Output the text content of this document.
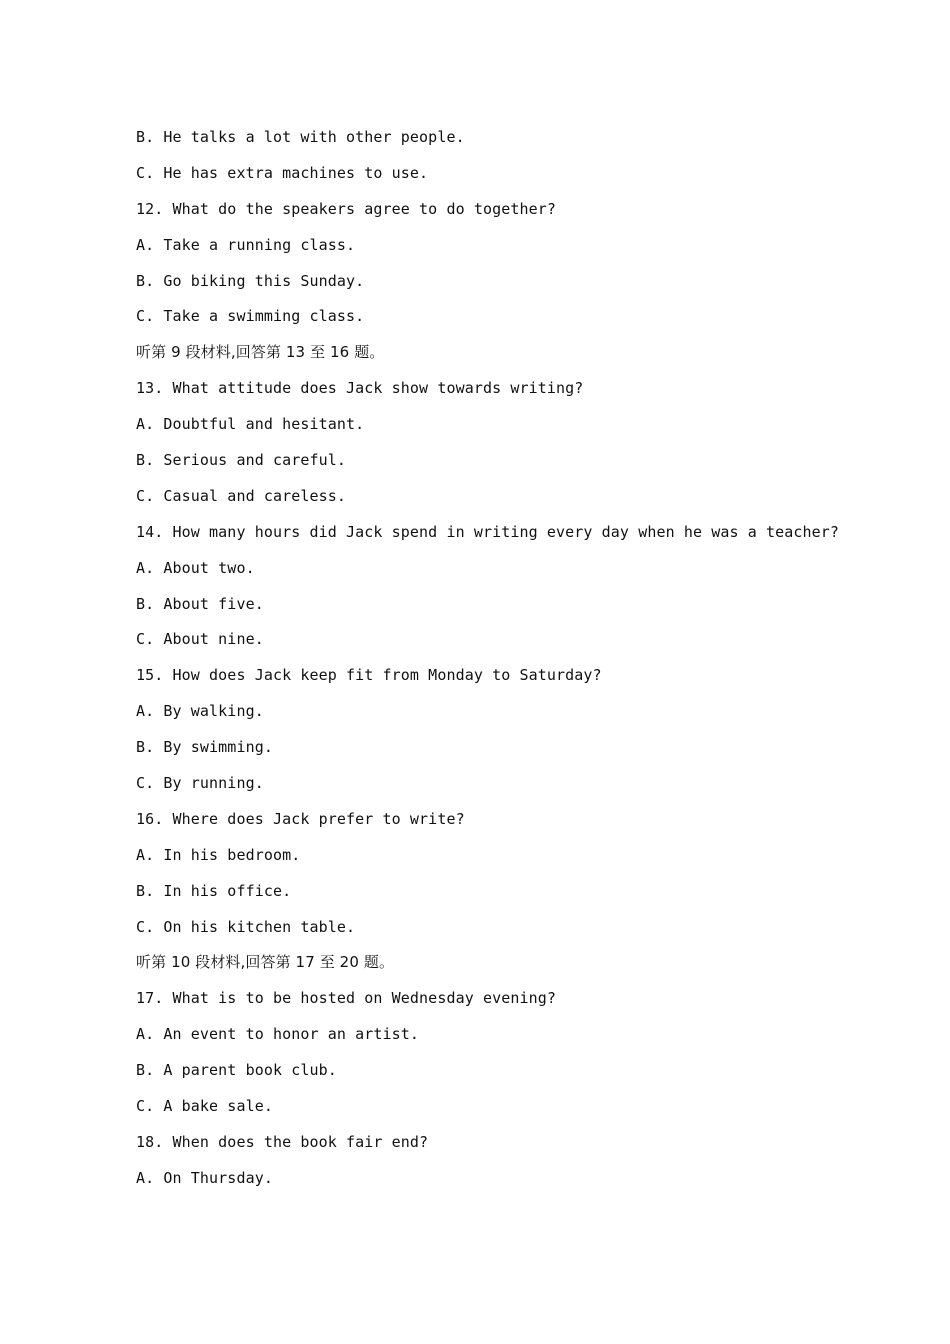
B. He talks a lot with other people.
C. He has extra machines to use.
12. What do the speakers agree to do together?
A. Take a running class.
B. Go biking this Sunday.
C. Take a swimming class.
听第 9 段材料,回答第 13 至 16 题。
13. What attitude does Jack show towards writing?
A. Doubtful and hesitant.
B. Serious and careful.
C. Casual and careless.
14. How many hours did Jack spend in writing every day when he was a teacher?
A. About two.
B. About five.
C. About nine.
15. How does Jack keep fit from Monday to Saturday?
A. By walking.
B. By swimming.
C. By running.
16. Where does Jack prefer to write?
A. In his bedroom.
B. In his office.
C. On his kitchen table.
听第 10 段材料,回答第 17 至 20 题。
17. What is to be hosted on Wednesday evening?
A. An event to honor an artist.
B. A parent book club.
C. A bake sale.
18. When does the book fair end?
A. On Thursday.
